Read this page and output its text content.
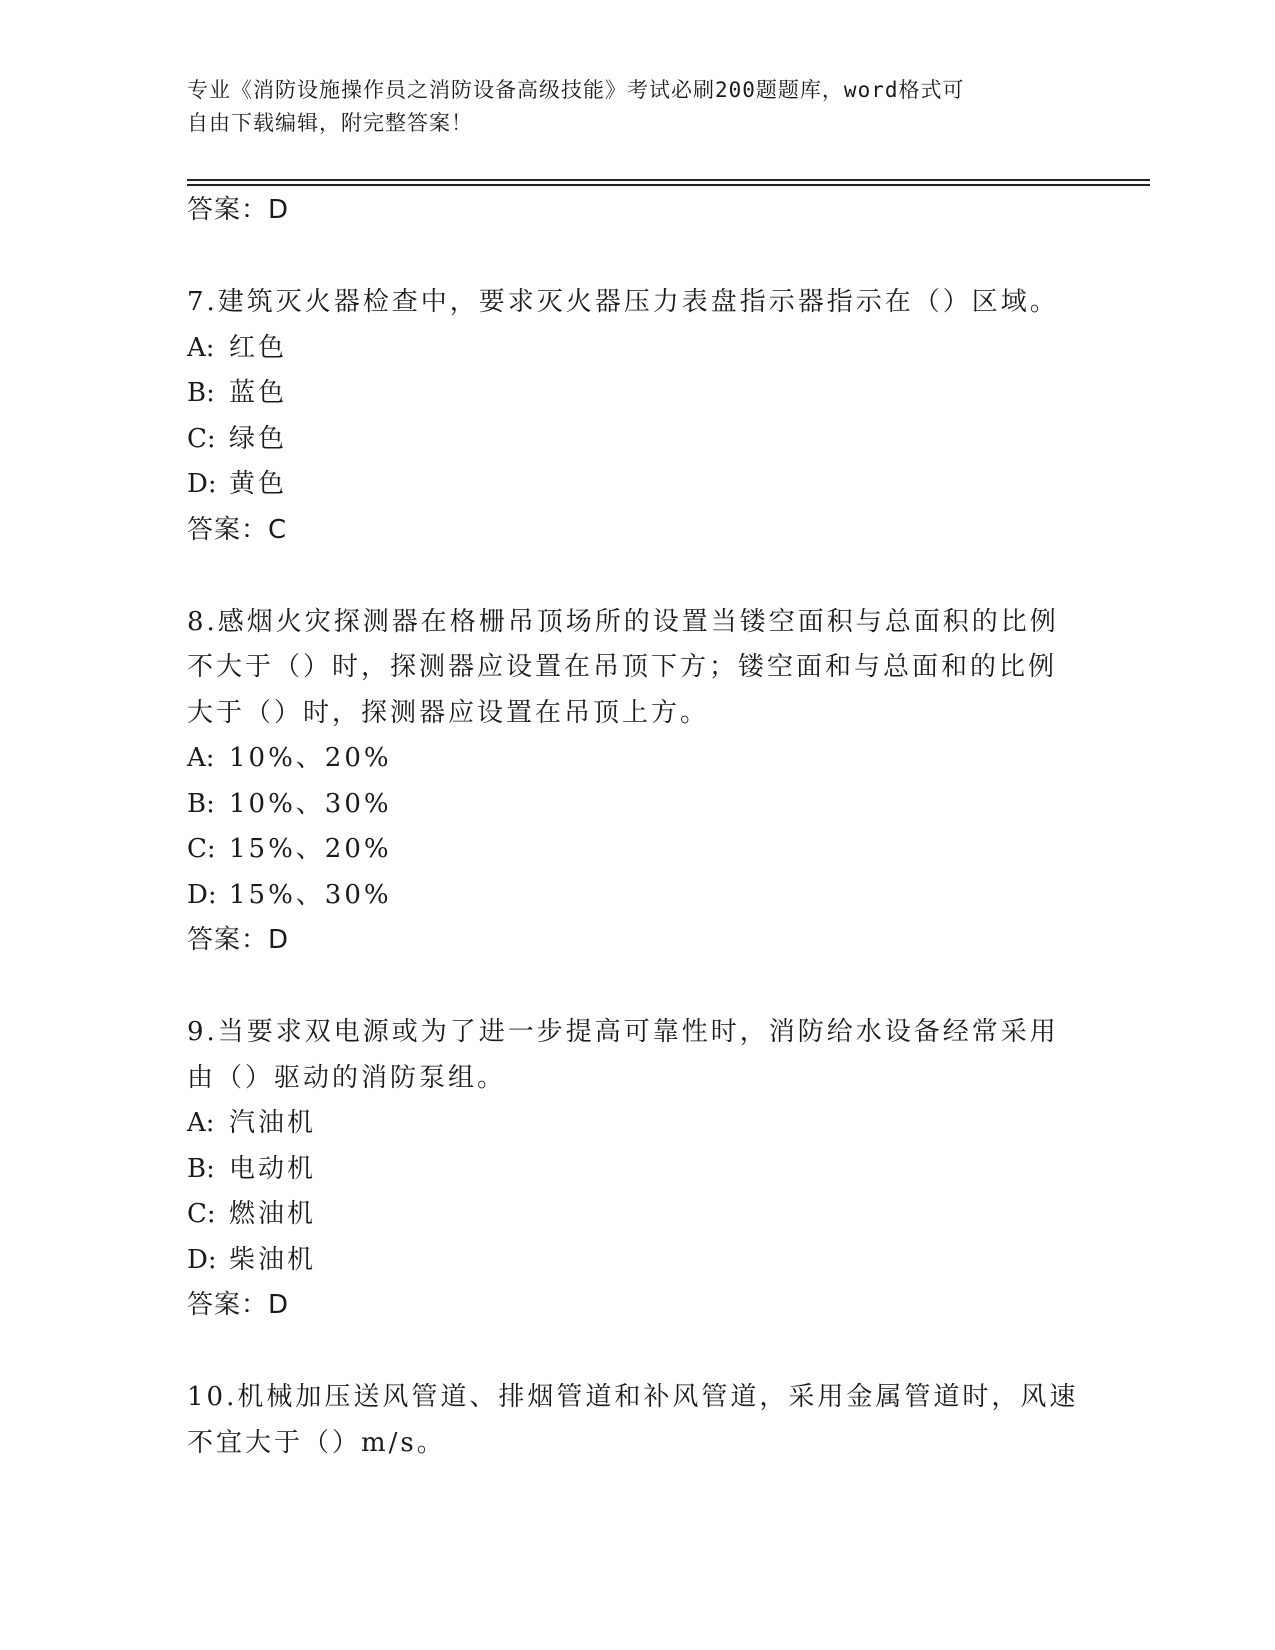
专业《消防设施操作员之消防设备高级技能》考试必刷200题题库，word格式可

自由下载编辑，附完整答案！

答案：D
7.建筑灭火器检查中，要求灭火器压力表盘指示器指示在（）区域。
A: 红色
B: 蓝色
C: 绿色
D: 黄色
答案：C
8.感烟火灾探测器在格栅吊顶场所的设置当镂空面积与总面积的比例
不大于（）时，探测器应设置在吊顶下方；镂空面和与总面和的比例
大于（）时，探测器应设置在吊顶上方。
A: 10%、20%
B: 10%、30%
C: 15%、20%
D: 15%、30%
答案：D
9.当要求双电源或为了进一步提高可靠性时，消防给水设备经常采用
由（）驱动的消防泵组。
A: 汽油机
B: 电动机
C: 燃油机
D: 柴油机
答案：D
10.机械加压送风管道、排烟管道和补风管道，采用金属管道时，风速
不宜大于（）m/s。
